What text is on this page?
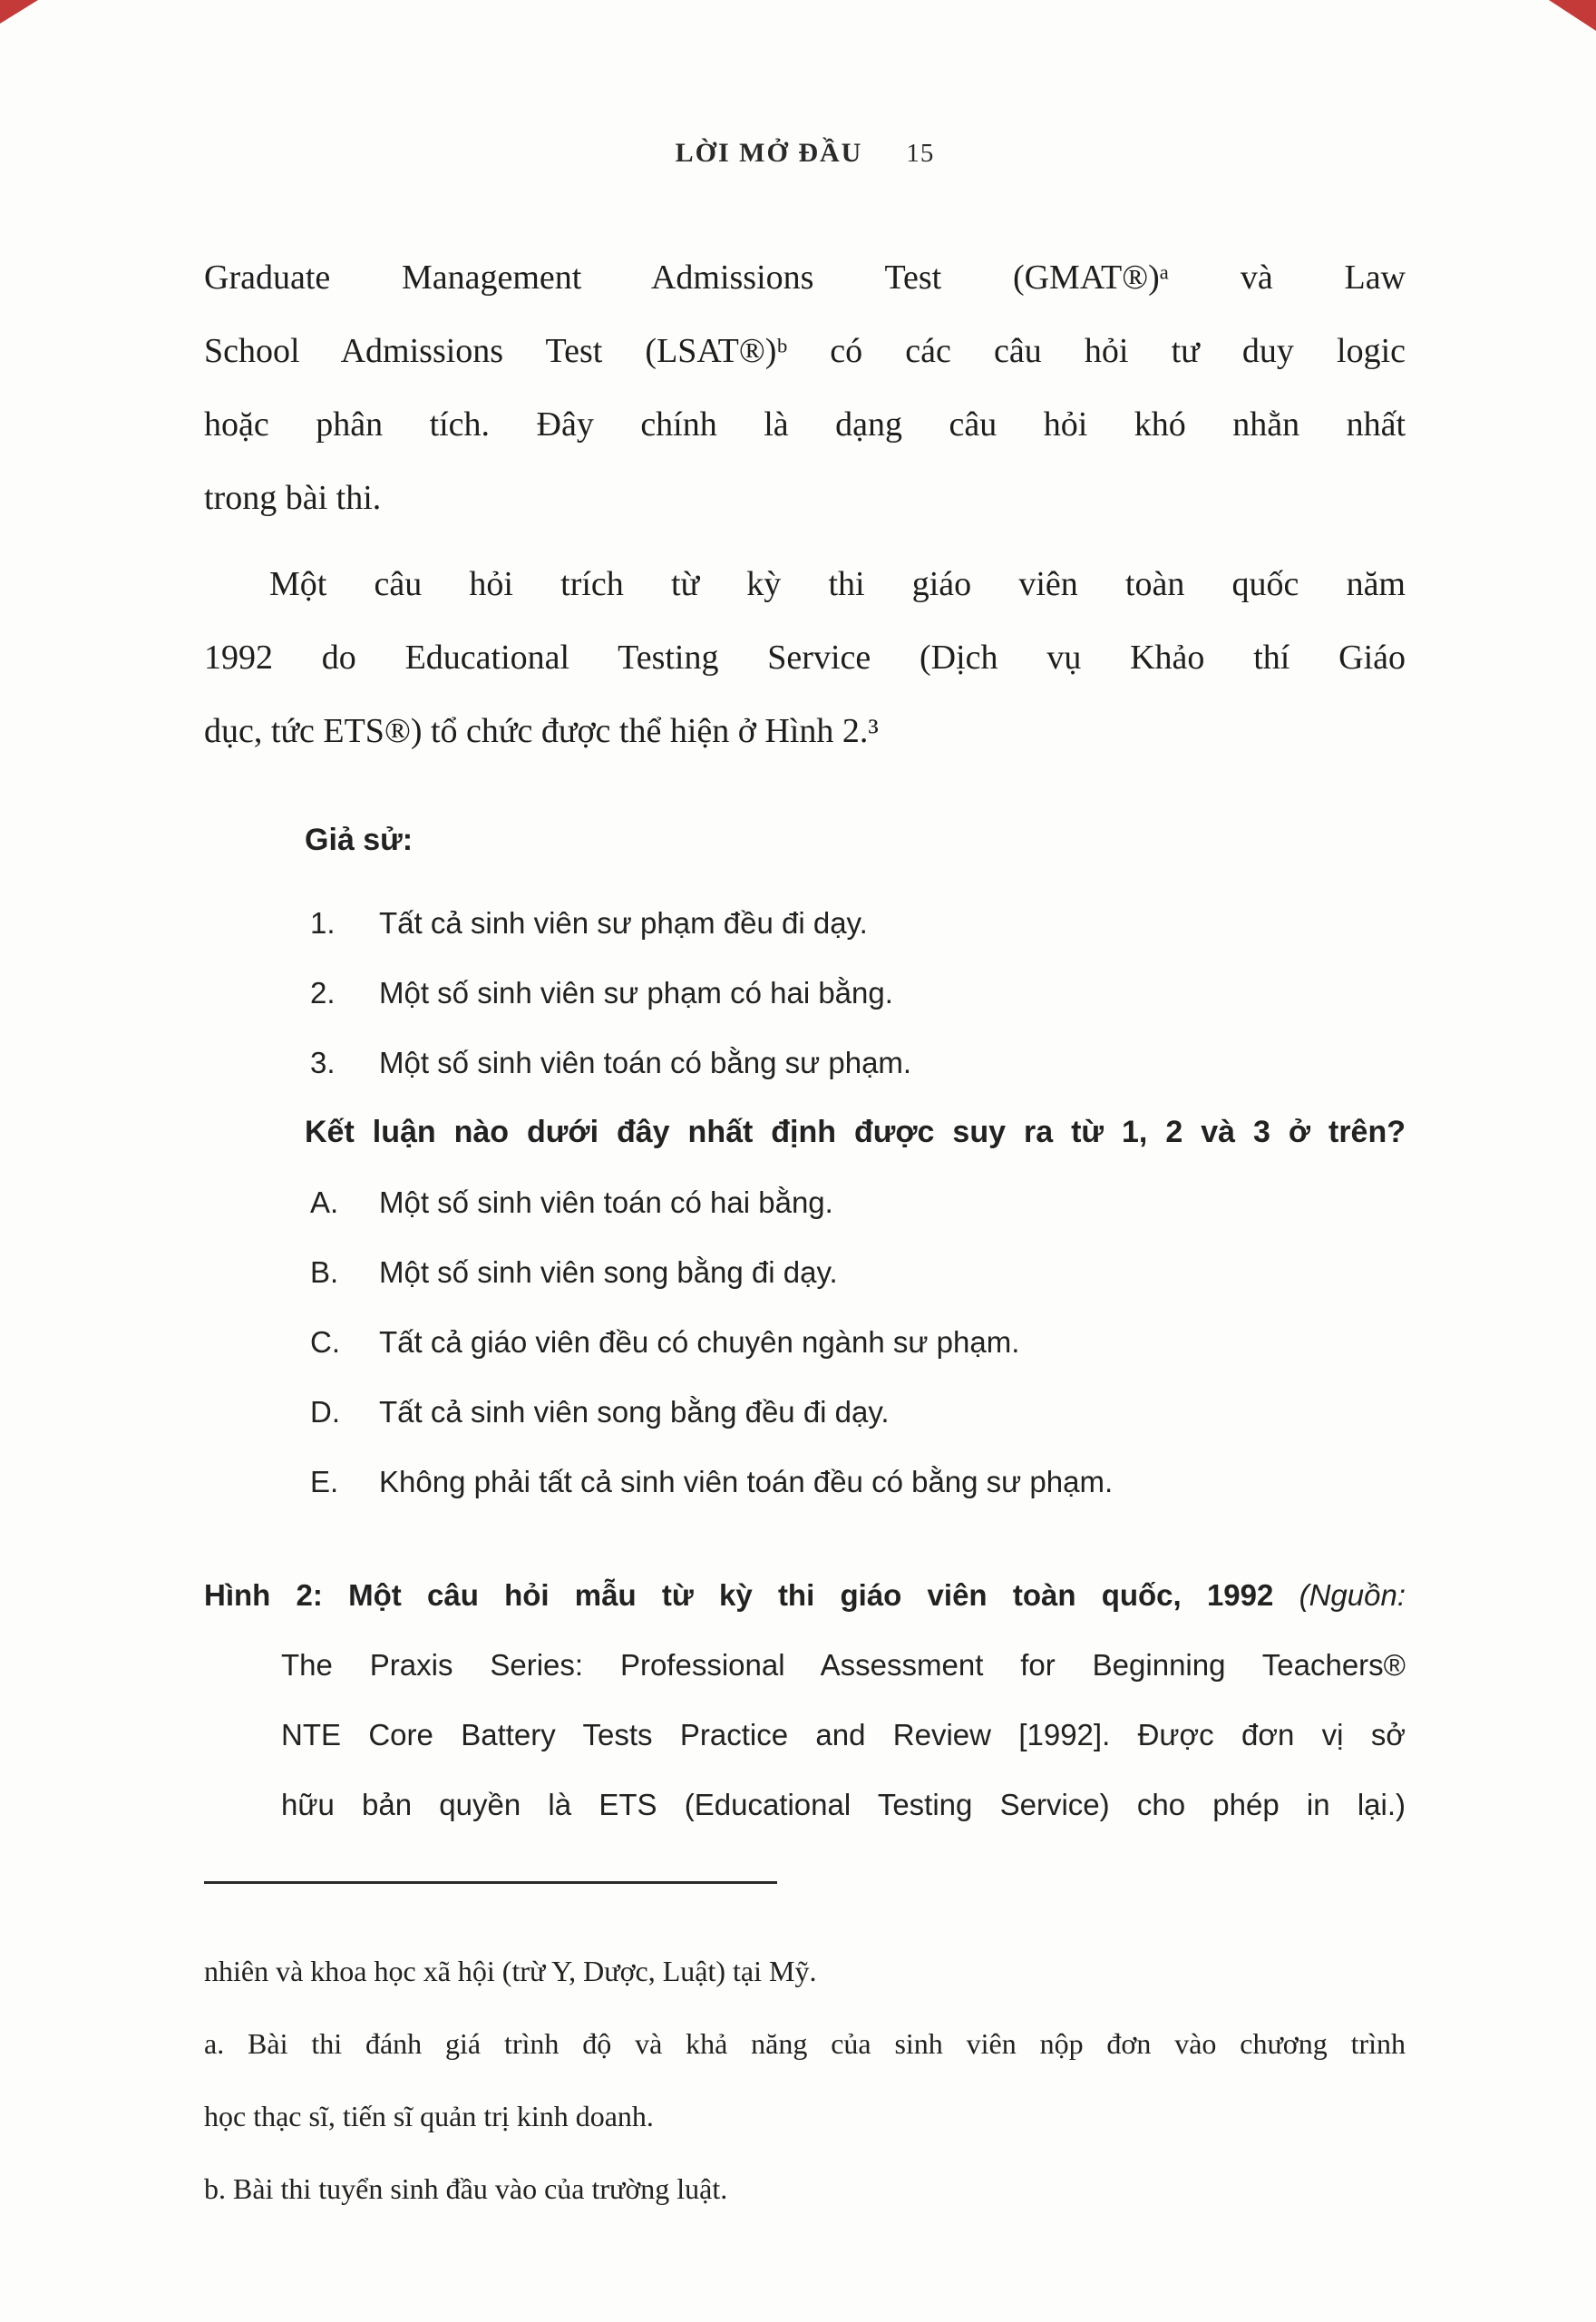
LỜI MỞ ĐẦU 15
Graduate Management Admissions Test (GMAT®)ᵃ và Law
School Admissions Test (LSAT®)ᵇ có các câu hỏi tư duy logic
hoặc phân tích. Đây chính là dạng câu hỏi khó nhằn nhất
trong bài thi.
Một câu hỏi trích từ kỳ thi giáo viên toàn quốc năm
1992 do Educational Testing Service (Dịch vụ Khảo thí Giáo
dục, tức ETS®) tổ chức được thể hiện ở Hình 2.³

Giả sử:

1.	Tất cả sinh viên sư phạm đều đi dạy.
2.	Một số sinh viên sư phạm có hai bằng.
3.	Một số sinh viên toán có bằng sư phạm.

Kết luận nào dưới đây nhất định được suy ra từ 1, 2 và 3 ở trên?

A.	Một số sinh viên toán có hai bằng.
B.	Một số sinh viên song bằng đi dạy.
C.	Tất cả giáo viên đều có chuyên ngành sư phạm.
D.	Tất cả sinh viên song bằng đều đi dạy.
E.	Không phải tất cả sinh viên toán đều có bằng sư phạm.
Hình 2: Một câu hỏi mẫu từ kỳ thi giáo viên toàn quốc, 1992 (Nguồn:
The Praxis Series: Professional Assessment for Beginning Teachers®
NTE Core Battery Tests Practice and Review [1992]. Được đơn vị sở
hữu bản quyền là ETS (Educational Testing Service) cho phép in lại.)

nhiên và khoa học xã hội (trừ Y, Dược, Luật) tại Mỹ.

a. Bài thi đánh giá trình độ và khả năng của sinh viên nộp đơn vào chương trình
học thạc sĩ, tiến sĩ quản trị kinh doanh.

b. Bài thi tuyển sinh đầu vào của trường luật.
